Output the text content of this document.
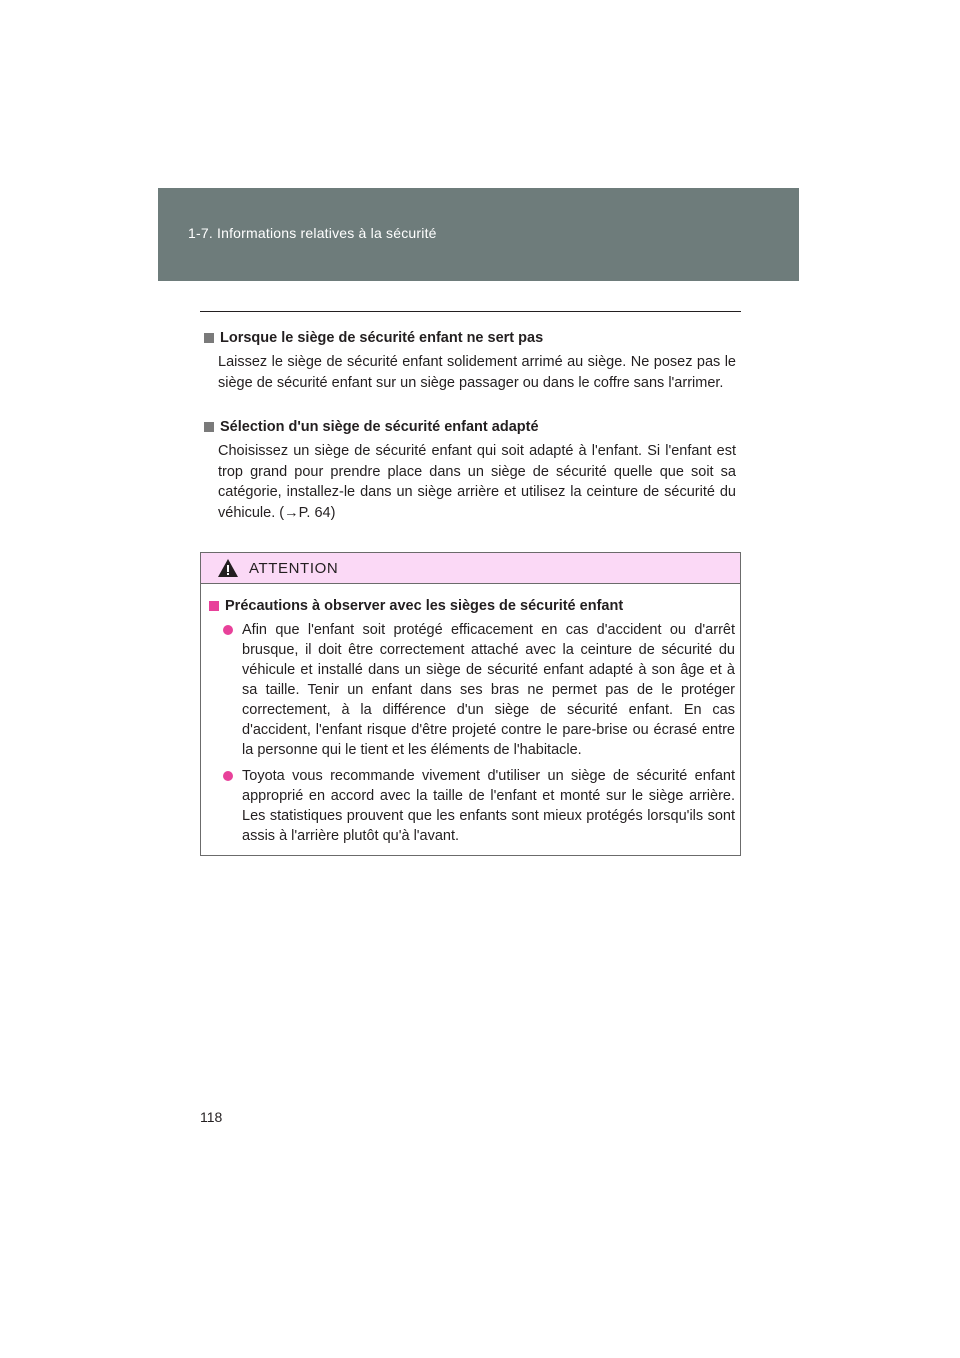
1-7. Informations relatives à la sécurité
Lorsque le siège de sécurité enfant ne sert pas
Laissez le siège de sécurité enfant solidement arrimé au siège. Ne posez pas le siège de sécurité enfant sur un siège passager ou dans le coffre sans l'arrimer.
Sélection d'un siège de sécurité enfant adapté
Choisissez un siège de sécurité enfant qui soit adapté à l'enfant. Si l'enfant est trop grand pour prendre place dans un siège de sécurité quelle que soit sa catégorie, installez-le dans un siège arrière et utilisez la ceinture de sécurité du véhicule. (→P. 64)
ATTENTION
Précautions à observer avec les sièges de sécurité enfant
Afin que l'enfant soit protégé efficacement en cas d'accident ou d'arrêt brusque, il doit être correctement attaché avec la ceinture de sécurité du véhicule et installé dans un siège de sécurité enfant adapté à son âge et à sa taille. Tenir un enfant dans ses bras ne permet pas de le protéger correctement, à la différence d'un siège de sécurité enfant. En cas d'accident, l'enfant risque d'être projeté contre le pare-brise ou écrasé entre la personne qui le tient et les éléments de l'habitacle.
Toyota vous recommande vivement d'utiliser un siège de sécurité enfant approprié en accord avec la taille de l'enfant et monté sur le siège arrière. Les statistiques prouvent que les enfants sont mieux protégés lorsqu'ils sont assis à l'arrière plutôt qu'à l'avant.
118
